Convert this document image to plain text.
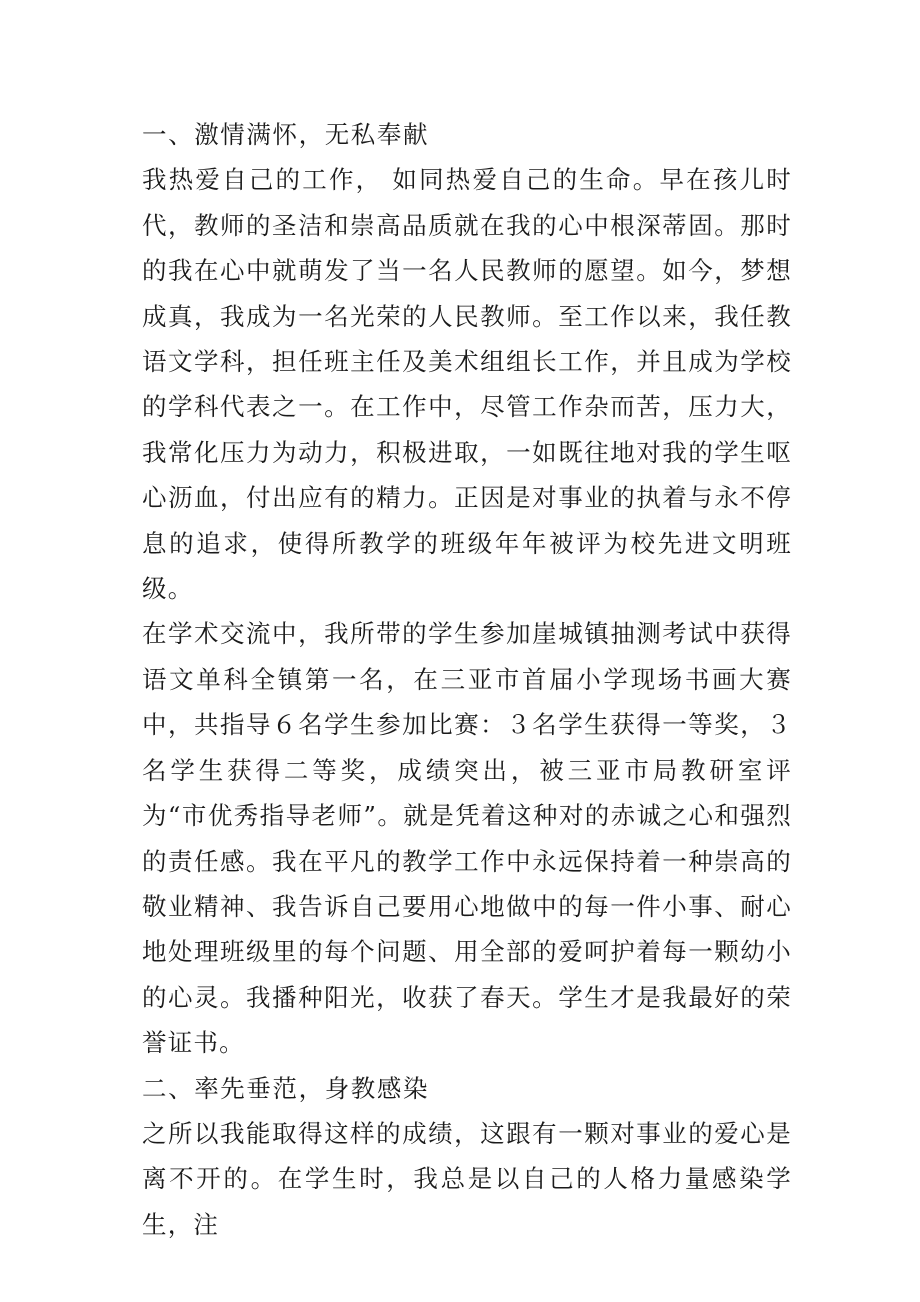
一、激情满怀，无私奉献

我热爱自己的工作， 如同热爱自己的生命。早在孩儿时代，教师的圣洁和崇高品质就在我的心中根深蒂固。那时的我在心中就萌发了当一名人民教师的愿望。如今，梦想成真，我成为一名光荣的人民教师。至工作以来，我任教语文学科，担任班主任及美术组组长工作，并且成为学校的学科代表之一。在工作中，尽管工作杂而苦，压力大，我常化压力为动力，积极进取，一如既往地对我的学生呕心沥血，付出应有的精力。正因是对事业的执着与永不停息的追求，使得所教学的班级年年被评为校先进文明班级。

在学术交流中，我所带的学生参加崖城镇抽测考试中获得语文单科全镇第一名，在三亚市首届小学现场书画大赛中，共指导６名学生参加比赛：３名学生获得一等奖，３名学生获得二等奖，成绩突出，被三亚市局教研室评为“市优秀指导老师”。就是凭着这种对的赤诚之心和强烈的责任感。我在平凡的教学工作中永远保持着一种崇高的敬业精神、我告诉自己要用心地做中的每一件小事、耐心地处理班级里的每个问题、用全部的爱呵护着每一颗幼小的心灵。我播种阳光，收获了春天。学生才是我最好的荣誉证书。

二、率先垂范，身教感染

之所以我能取得这样的成绩，这跟有一颗对事业的爱心是离不开的。在学生时，我总是以自己的人格力量感染学生，注
